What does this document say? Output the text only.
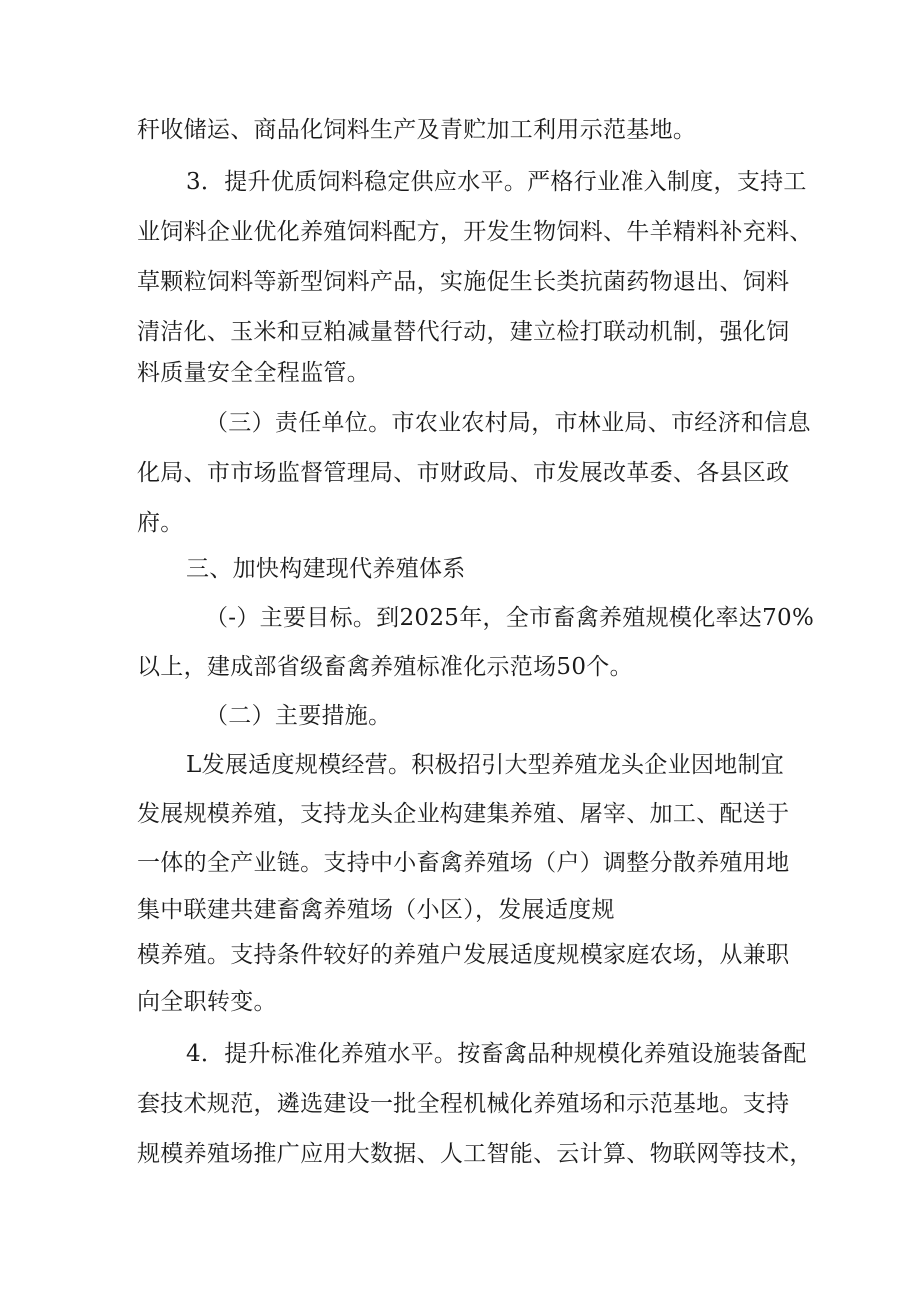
秆收储运、商品化饲料生产及青贮加工利用示范基地。
3．提升优质饲料稳定供应水平。严格行业准入制度，支持工
业饲料企业优化养殖饲料配方，开发生物饲料、牛羊精料补充料、
草颗粒饲料等新型饲料产品，实施促生长类抗菌药物退出、饲料
清洁化、玉米和豆粕减量替代行动，建立检打联动机制，强化饲
料质量安全全程监管。
（三）责任单位。市农业农村局，市林业局、市经济和信息
化局、市市场监督管理局、市财政局、市发展改革委、各县区政
府。
三、加快构建现代养殖体系
（-）主要目标。到2025年，全市畜禽养殖规模化率达70%
以上，建成部省级畜禽养殖标准化示范场50个。
（二）主要措施。
L发展适度规模经营。积极招引大型养殖龙头企业因地制宜
发展规模养殖，支持龙头企业构建集养殖、屠宰、加工、配送于
一体的全产业链。支持中小畜禽养殖场（户）调整分散养殖用地
集中联建共建畜禽养殖场（小区），发展适度规
模养殖。支持条件较好的养殖户发展适度规模家庭农场，从兼职
向全职转变。
4．提升标准化养殖水平。按畜禽品种规模化养殖设施装备配
套技术规范，遴选建设一批全程机械化养殖场和示范基地。支持
规模养殖场推广应用大数据、人工智能、云计算、物联网等技术，
